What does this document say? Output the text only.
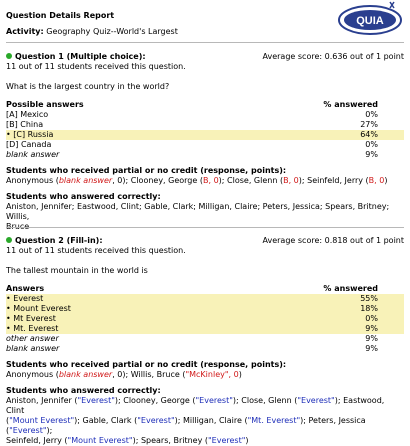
Question Details Report
Activity: Geography Quiz--World's Largest
QUIA
Question 1 (Multiple choice):	Average score: 0.636 out of 1 point
11 out of 11 students received this question.
What is the largest country in the world?
Possible answers	% answered
[A] Mexico	0%
[B] China	27%
• [C] Russia	64%
[D] Canada	0%
blank answer	9%
Students who received partial or no credit (response, points):
Anonymous (blank answer, 0); Clooney, George (B, 0); Close, Glenn (B, 0); Seinfeld, Jerry (B, 0)
Students who answered correctly:
Aniston, Jennifer; Eastwood, Clint; Gable, Clark; Milligan, Claire; Peters, Jessica; Spears, Britney; Willis,
Question 2 (Fill-in):	Average score: 0.818 out of 1 point
11 out of 11 students received this question.
The tallest mountain in the world is
Answers	% answered
• Everest	55%
• Mount Everest	18%
• Mt Everest	0%
• Mt. Everest	9%
other answer	9%
blank answer	9%
Students who received partial or no credit (response, points):
Anonymous (blank answer, 0); Willis, Bruce ("McKinley", 0)
Students who answered correctly:
Aniston, Jennifer ("Everest"); Clooney, George ("Everest"); Close, Glenn ("Everest"); Eastwood, Clint
("Mount Everest"); Gable, Clark ("Everest"); Milligan, Claire ("Mt. Everest"); Peters, Jessica ("Everest");
Seinfeld, Jerry ("Mount Everest"); Spears, Britney ("Everest")
